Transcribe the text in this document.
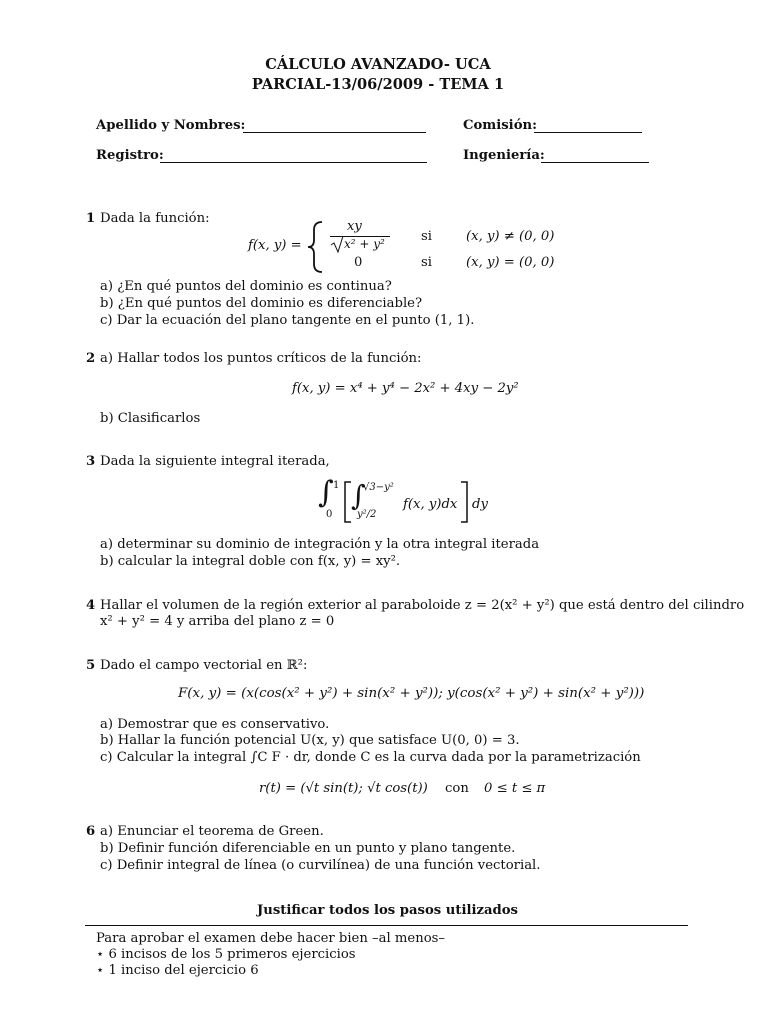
CÁLCULO AVANZADO- UCA
PARCIAL-13/06/2009 - TEMA 1
Apellido y Nombres:	Comisión:
Registro:	Ingeniería:
1 Dada la función:
f(x, y) =
xy
x² + y²
0
si
si
(x, y) ≠ (0, 0)
(x, y) = (0, 0)
a) ¿En qué puntos del dominio es continua?
b) ¿En qué puntos del dominio es diferenciable?
c) Dar la ecuación del plano tangente en el punto (1, 1).
2 a) Hallar todos los puntos críticos de la función:
f(x, y) = x⁴ + y⁴ − 2x² + 4xy − 2y²
b) Clasificarlos
3 Dada la siguiente integral iterada,
∫ 1
0
∫
√3−y²
y²/2
f(x, y)dx dy
a) determinar su dominio de integración y la otra integral iterada
b) calcular la integral doble con f(x, y) = xy².
4 Hallar el volumen de la región exterior al paraboloide z = 2(x² + y²) que está dentro del cilindro
x² + y² = 4 y arriba del plano z = 0
5 Dado el campo vectorial en ℝ²:
F(x, y) = (x(cos(x² + y²) + sin(x² + y²)); y(cos(x² + y²) + sin(x² + y²)))
a) Demostrar que es conservativo.
b) Hallar la función potencial U(x, y) que satisface U(0, 0) = 3.
c) Calcular la integral ∫C F · dr, donde C es la curva dada por la parametrización
r(t) = (√t sin(t); √t cos(t)) con 0 ≤ t ≤ π
6 a) Enunciar el teorema de Green.
b) Definir función diferenciable en un punto y plano tangente.
c) Definir integral de línea (o curvilínea) de una función vectorial.
Justificar todos los pasos utilizados
Para aprobar el examen debe hacer bien –al menos–
⋆ 6 incisos de los 5 primeros ejercicios
⋆ 1 inciso del ejercicio 6
